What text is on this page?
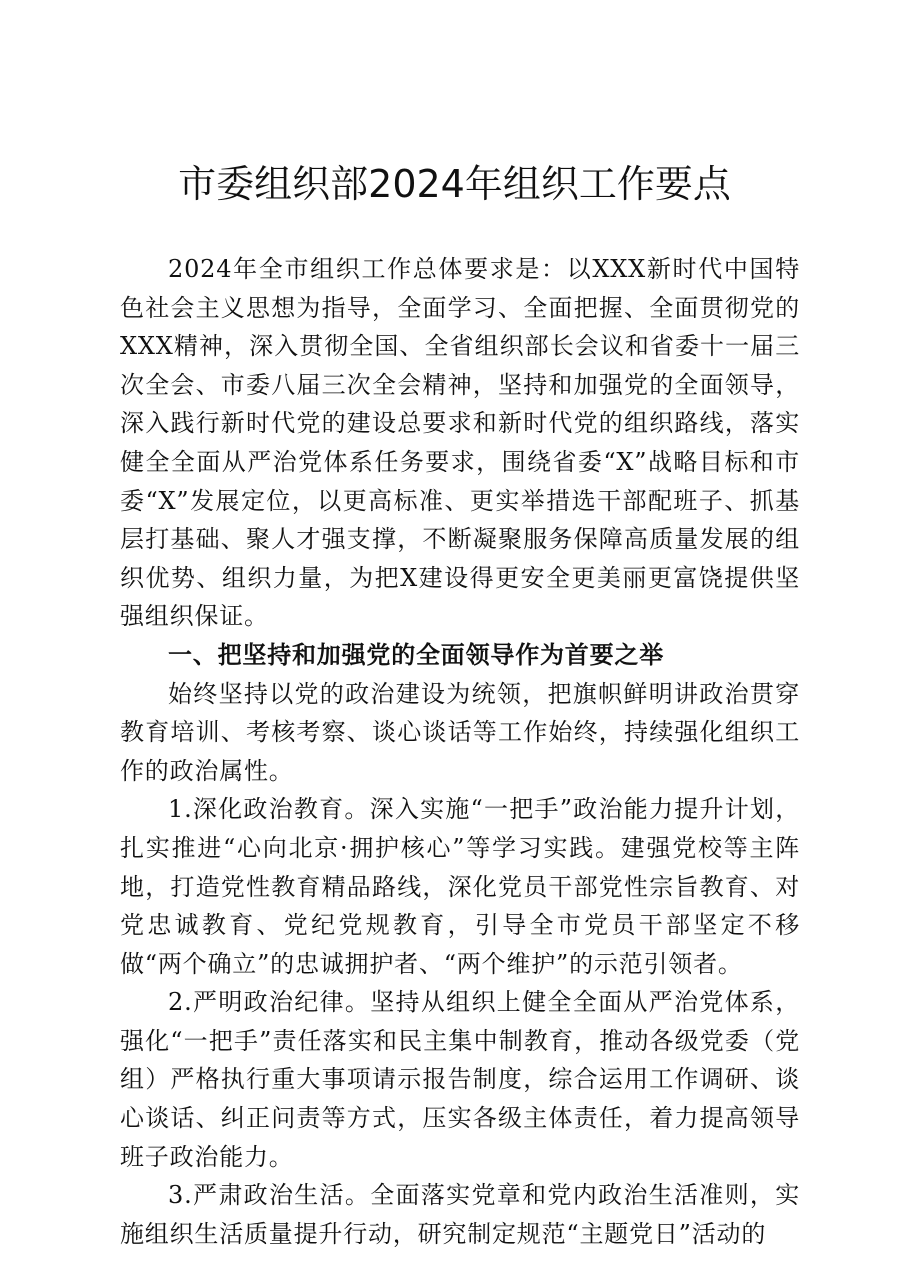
市委组织部2024年组织工作要点

2024年全市组织工作总体要求是：以XXX新时代中国特色社会主义思想为指导，全面学习、全面把握、全面贯彻党的XXX精神，深入贯彻全国、全省组织部长会议和省委十一届三次全会、市委八届三次全会精神，坚持和加强党的全面领导，深入践行新时代党的建设总要求和新时代党的组织路线，落实健全全面从严治党体系任务要求，围绕省委“X”战略目标和市委“X”发展定位，以更高标准、更实举措选干部配班子、抓基层打基础、聚人才强支撑，不断凝聚服务保障高质量发展的组织优势、组织力量，为把X建设得更安全更美丽更富饶提供坚强组织保证。

一、把坚持和加强党的全面领导作为首要之举

始终坚持以党的政治建设为统领，把旗帜鲜明讲政治贯穿教育培训、考核考察、谈心谈话等工作始终，持续强化组织工作的政治属性。

1.深化政治教育。深入实施“一把手”政治能力提升计划，扎实推进“心向北京·拥护核心”等学习实践。建强党校等主阵地，打造党性教育精品路线，深化党员干部党性宗旨教育、对党忠诚教育、党纪党规教育，引导全市党员干部坚定不移做“两个确立”的忠诚拥护者、“两个维护”的示范引领者。

2.严明政治纪律。坚持从组织上健全全面从严治党体系，强化“一把手”责任落实和民主集中制教育，推动各级党委（党组）严格执行重大事项请示报告制度，综合运用工作调研、谈心谈话、纠正问责等方式，压实各级主体责任，着力提高领导班子政治能力。

3.严肃政治生活。全面落实党章和党内政治生活准则，实施组织生活质量提升行动，研究制定规范“主题党日”活动的
